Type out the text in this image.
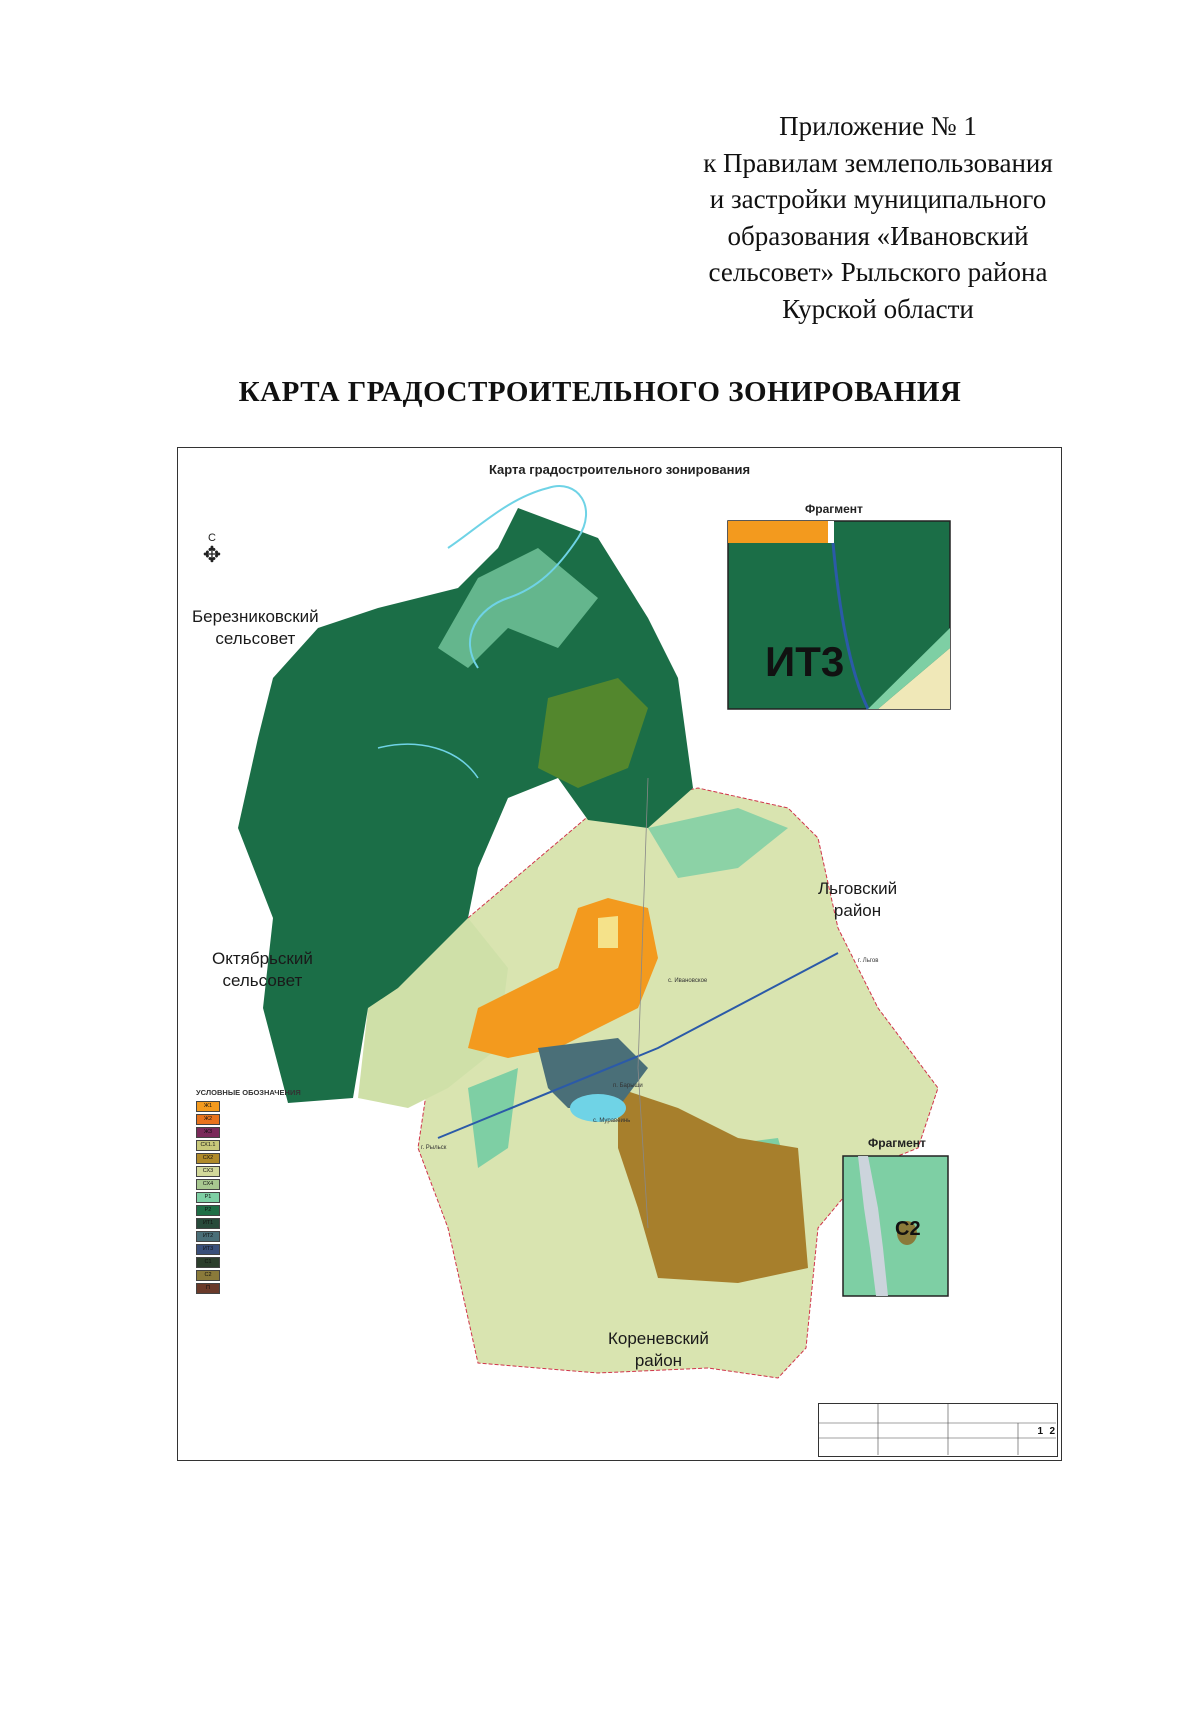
Приложение № 1
к Правилам землепользования
и застройки муниципального
образования «Ивановский
сельсовет» Рыльского района
Курской области
КАРТА ГРАДОСТРОИТЕЛЬНОГО ЗОНИРОВАНИЯ
Карта градостроительного зонирования
С
✥
Фрагмент
ИТ3
Фрагмент
С2
Березниковский
сельсовет
Октябрьский
сельсовет
Льговский
район
Кореневский
район
с. Ивановское
п. Барыши
с. Муравеинь
г. Рыльск
г. Льгов
УСЛОВНЫЕ ОБОЗНАЧЕНИЯ
Ж1
Ж2
Ж3
СХ1.1
СХ2
СХ3
СХ4
Р1
Р2
ИТ1
ИТ2
ИТ3
С1
С2
П
1 2
